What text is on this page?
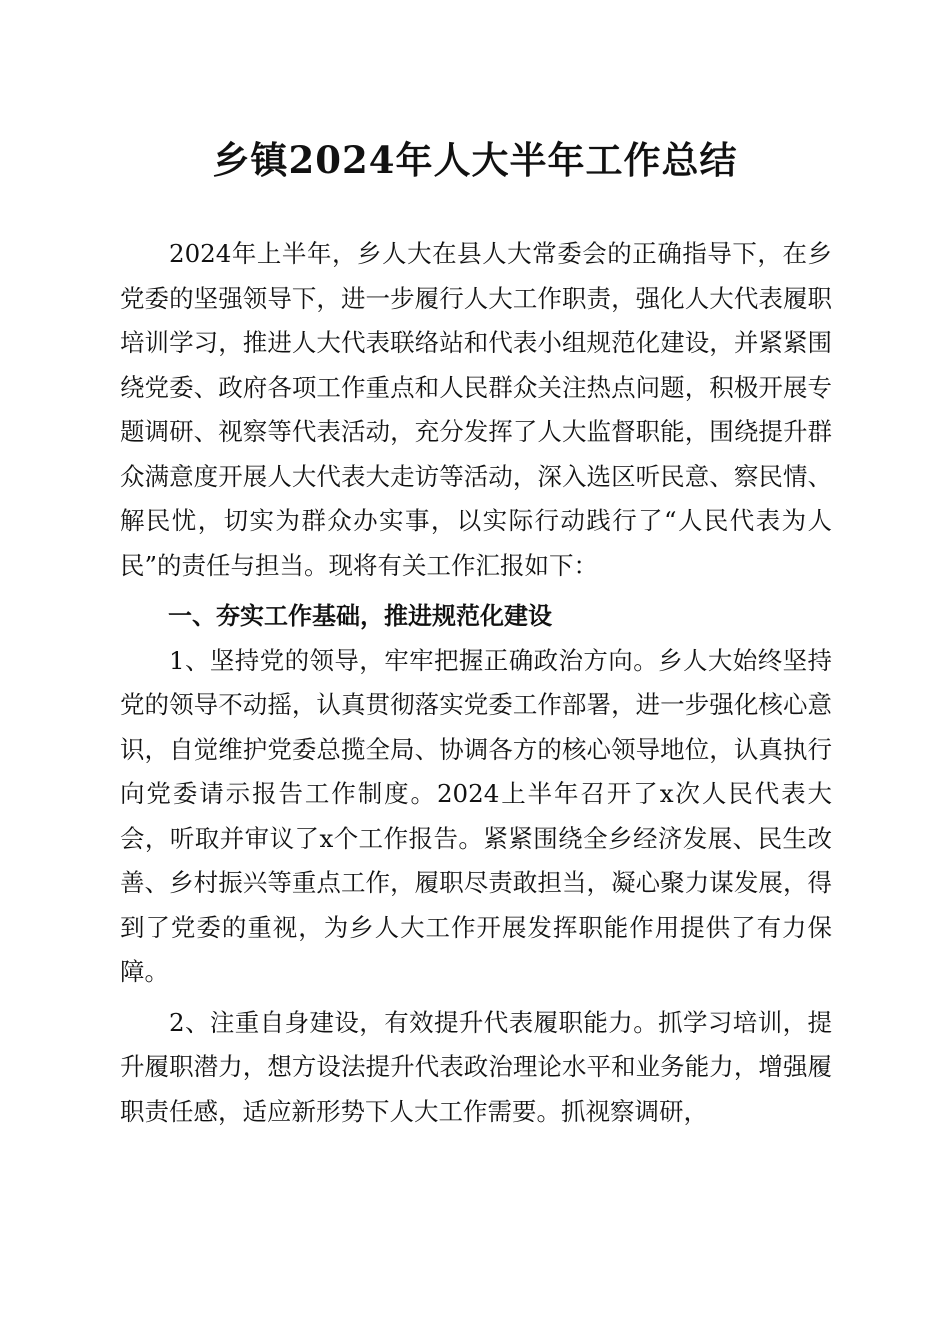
乡镇2024年人大半年工作总结

2024年上半年，乡人大在县人大常委会的正确指导下，在乡党委的坚强领导下，进一步履行人大工作职责，强化人大代表履职培训学习，推进人大代表联络站和代表小组规范化建设，并紧紧围绕党委、政府各项工作重点和人民群众关注热点问题，积极开展专题调研、视察等代表活动，充分发挥了人大监督职能，围绕提升群众满意度开展人大代表大走访等活动，深入选区听民意、察民情、解民忧，切实为群众办实事，以实际行动践行了“人民代表为人民”的责任与担当。现将有关工作汇报如下：

一、夯实工作基础，推进规范化建设

1、坚持党的领导，牢牢把握正确政治方向。乡人大始终坚持党的领导不动摇，认真贯彻落实党委工作部署，进一步强化核心意识，自觉维护党委总揽全局、协调各方的核心领导地位，认真执行向党委请示报告工作制度。2024上半年召开了x次人民代表大会，听取并审议了x个工作报告。紧紧围绕全乡经济发展、民生改善、乡村振兴等重点工作，履职尽责敢担当，凝心聚力谋发展，得到了党委的重视，为乡人大工作开展发挥职能作用提供了有力保障。

2、注重自身建设，有效提升代表履职能力。抓学习培训，提升履职潜力，想方设法提升代表政治理论水平和业务能力，增强履职责任感，适应新形势下人大工作需要。抓视察调研，
